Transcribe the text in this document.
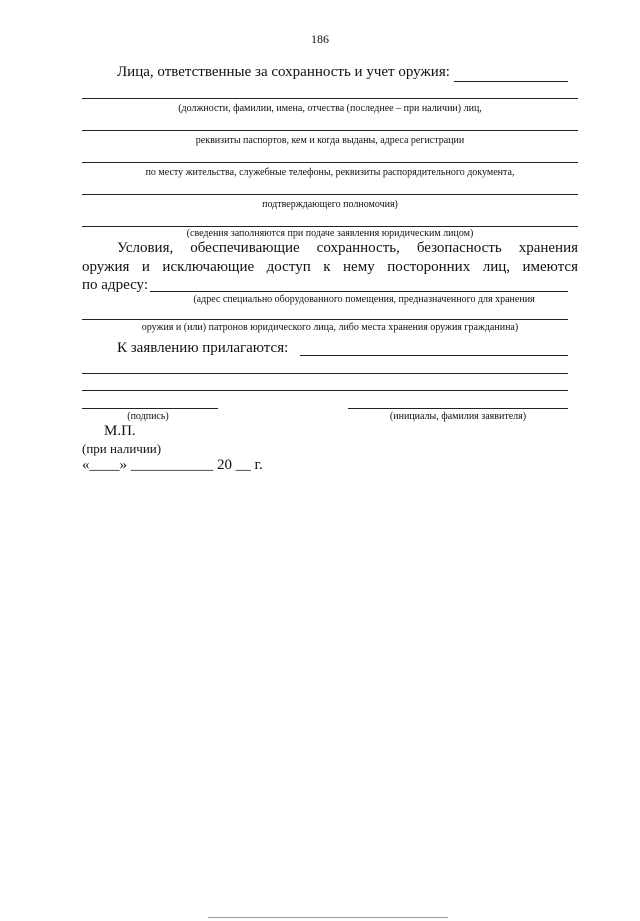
186
Лица, ответственные за сохранность и учет оружия:
(должности, фамилии, имена, отчества (последнее – при наличии) лиц,
реквизиты паспортов, кем и когда выданы, адреса регистрации
по месту жительства, служебные телефоны, реквизиты распорядительного документа,
подтверждающего полномочия)
(сведения заполняются при подаче заявления юридическим лицом)
Условия, обеспечивающие сохранность, безопасность хранения
оружия и исключающие доступ к нему посторонних лиц, имеются
по адресу:
(адрес специально оборудованного помещения, предназначенного для хранения
оружия и (или) патронов юридического лица, либо места хранения оружия гражданина)
К заявлению прилагаются:
(подпись)	(инициалы, фамилия заявителя)
М.П.
(при наличии)
«____» ___________ 20 __ г.
